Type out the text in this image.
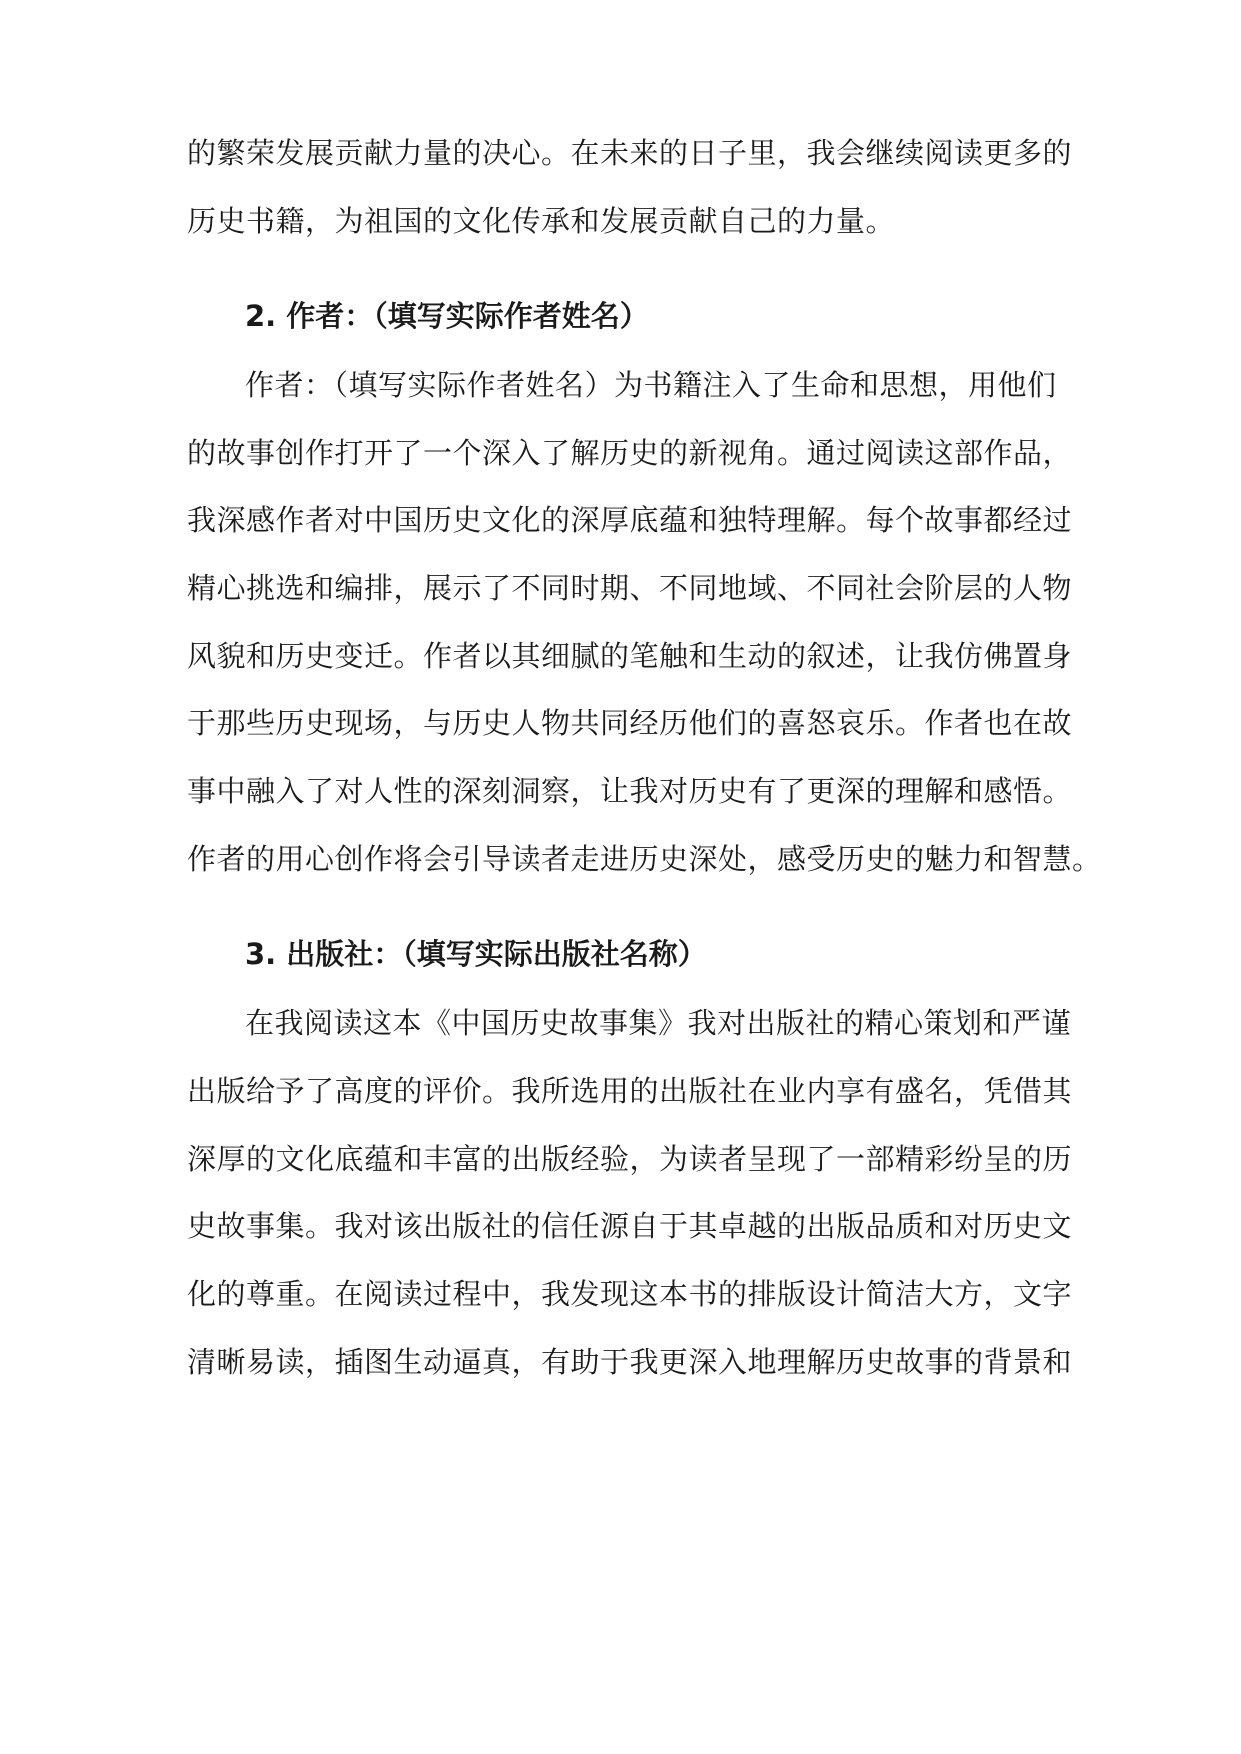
的繁荣发展贡献力量的决心。在未来的日子里，我会继续阅读更多的
历史书籍，为祖国的文化传承和发展贡献自己的力量。
2. 作者：（填写实际作者姓名）
作者：（填写实际作者姓名）为书籍注入了生命和思想，用他们
的故事创作打开了一个深入了解历史的新视角。通过阅读这部作品，
我深感作者对中国历史文化的深厚底蕴和独特理解。每个故事都经过
精心挑选和编排，展示了不同时期、不同地域、不同社会阶层的人物
风貌和历史变迁。作者以其细腻的笔触和生动的叙述，让我仿佛置身
于那些历史现场，与历史人物共同经历他们的喜怒哀乐。作者也在故
事中融入了对人性的深刻洞察，让我对历史有了更深的理解和感悟。
作者的用心创作将会引导读者走进历史深处，感受历史的魅力和智慧。
3. 出版社：（填写实际出版社名称）
在我阅读这本《中国历史故事集》我对出版社的精心策划和严谨
出版给予了高度的评价。我所选用的出版社在业内享有盛名，凭借其
深厚的文化底蕴和丰富的出版经验，为读者呈现了一部精彩纷呈的历
史故事集。我对该出版社的信任源自于其卓越的出版品质和对历史文
化的尊重。在阅读过程中，我发现这本书的排版设计简洁大方，文字
清晰易读，插图生动逼真，有助于我更深入地理解历史故事的背景和
